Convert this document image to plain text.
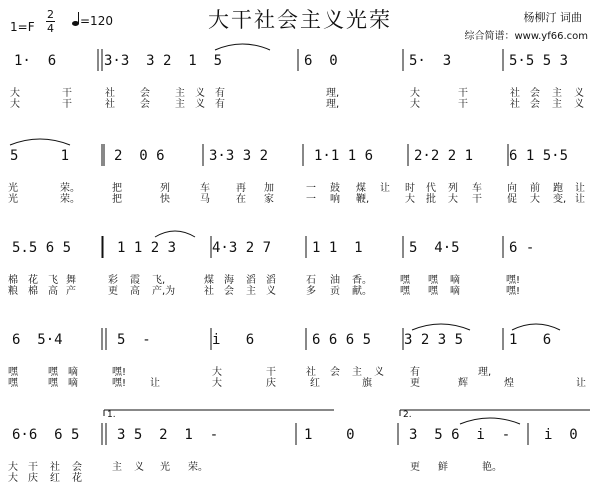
大干社会主义光荣
1=F
2
4
=120	杨柳汀 词曲
综合简谱：www.yf66.com
1·  6	3·3  3 2  1  5	6  0	5·  3	5·5 5 3
大	干	社	会	主 义 有	理,	大	干	社 会 主 义
大	干	社	会	主 义 有	理,	大	干	社 会 主 义
5     1	2  0 6	3·3 3 2	1·1 1 6	2·2 2 1	6 1 5·5
光	荣。	把	列	车	再 加	一 鼓 煤 让 时 代 列 车	向 前 跑 让
光	荣。	把	快	马	在 家	一 响 鞭,	大 批 大 干	促 大 变, 让
5.5 6 5	1 1 2 3	4·3 2 7	1 1  1	5  4·5	6 -
棉 花 飞 舞	彩 霞 飞,	煤 海 滔 滔	石 油 香。	嘿 嘿 嘀	嘿!
粮 棉 高 产	更 高 产,为	社 会 主 义	多 贡 献。	嘿 嘿 嘀	嘿!
6  5·4	5  -	i   6	6 6 6 5 3 2 3 5	1   6
嘿	嘿 嘀	嘿!	大	干	社 会 主 义	有	理,
嘿	嘿 嘀	嘿! 让	大	庆	红	旗	更	辉	煌	让
6·6  6 5	3 5  2  1  -	1    0	3  5 6  i  - i  0
大 干 社 会	主 义 光 荣。	更 鲜	艳。
大 庆 红 花
1.	2.
